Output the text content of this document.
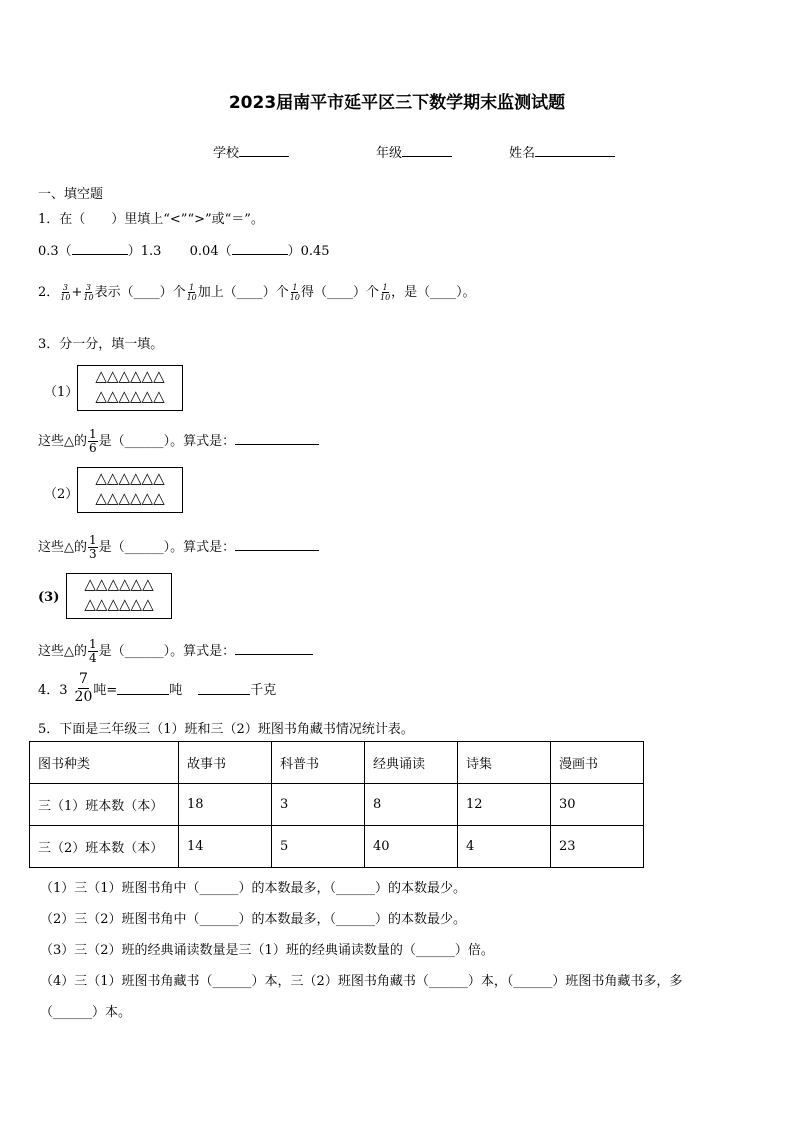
2023届南平市延平区三下数学期末监测试题
学校	年级	姓名
一、填空题
1．在（　　）里填上“<”“>”或“＝”。
0.3（	）1.3 0.04（	）0.45
2． $\frac{3}{10} + \frac{3}{10}$ 表示（____）个 $\frac{1}{10}$ 加上（____）个 $\frac{1}{10}$ 得（____）个 $\frac{1}{10}$ ，是（____）。
3．分一分，填一填。
（1）
△△△△△△
△△△△△△
这些△的 $\frac{1}{6}$ 是（______）。算式是：
（2）
△△△△△△
△△△△△△
这些△的 $\frac{1}{3}$ 是（______）。算式是：
(3)
△△△△△△
△△△△△△
这些△的 $\frac{1}{4}$ 是（______）。算式是：
4．$3 \frac{7}{20}$ 吨=	吨	千克
5．下面是三年级三（1）班和三（2）班图书角藏书情况统计表。
图书种类	故事书	科普书	经典诵读	诗集	漫画书
三（1）班本数（本）	18	3	8	12	30
三（2）班本数（本）	14	5	40	4	23
（1）三（1）班图书角中（______）的本数最多，（______）的本数最少。
（2）三（2）班图书角中（______）的本数最多，（______）的本数最少。
（3）三（2）班的经典诵读数量是三（1）班的经典诵读数量的（______）倍。
（4）三（1）班图书角藏书（______）本，三（2）班图书角藏书（______）本，（______）班图书角藏书多，多
（______）本。
